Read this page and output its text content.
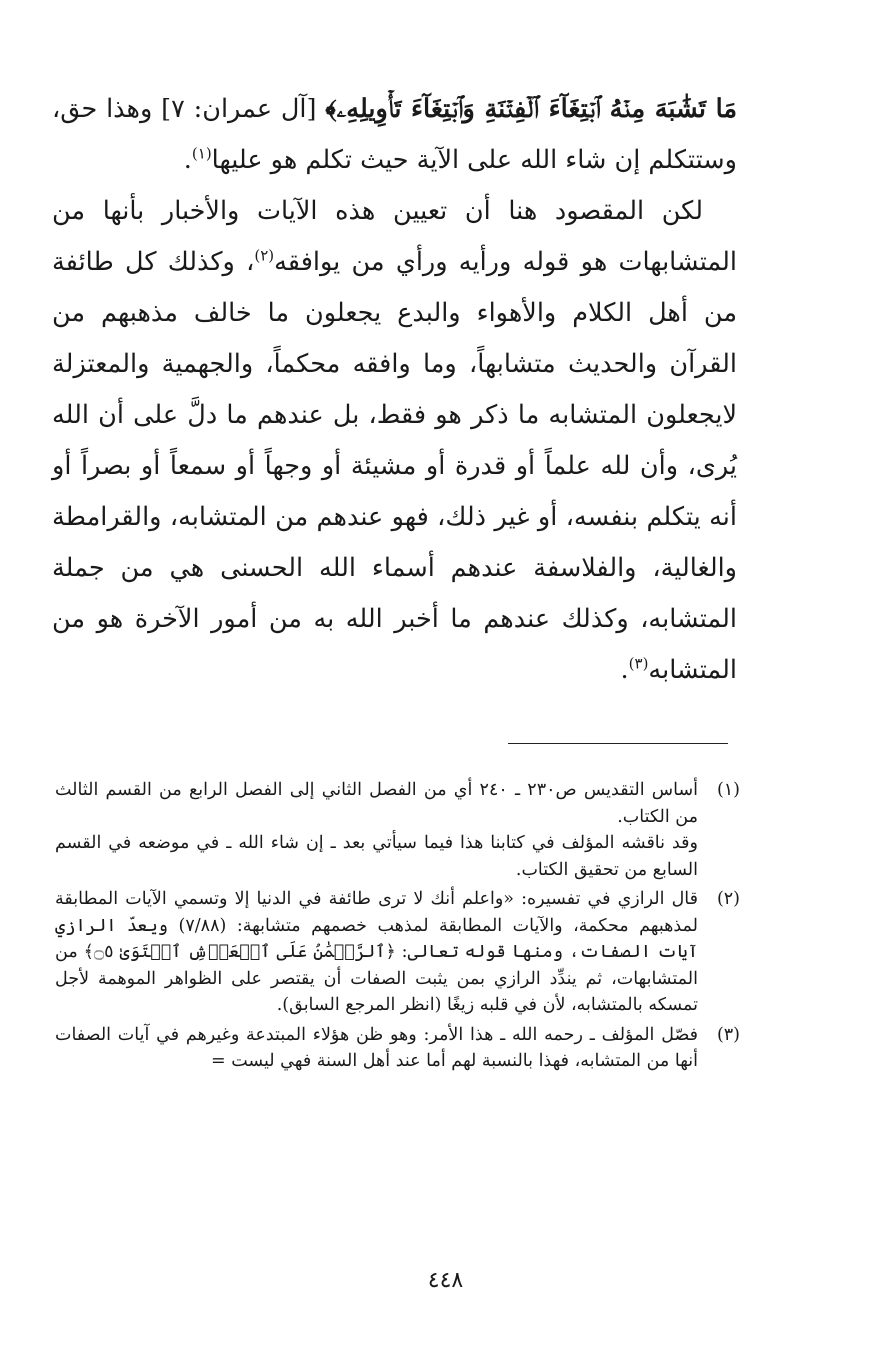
مَا تَشَٰبَهَ مِنۡهُ ٱبۡتِغَآءَ ٱلۡفِتۡنَةِ وَٱبۡتِغَآءَ تَأۡوِيلِهِۦ﴾ [آل عمران: ٧] وهذا حق، وستتكلم إن شاء الله على الآية حيث تكلم هو عليها$^{(١)}$.

لكن المقصود هنا أن تعيين هذه الآيات والأخبار بأنها من المتشابهات هو قوله ورأيه ورأي من يوافقه$^{(٢)}$، وكذلك كل طائفة من أهل الكلام والأهواء والبدع يجعلون ما خالف مذهبهم من القرآن والحديث متشابهاً، وما وافقه محكماً، والجهمية والمعتزلة لايجعلون المتشابه ما ذكر هو فقط، بل عندهم ما دلَّ على أن الله يُرى، وأن لله علماً أو قدرة أو مشيئة أو وجهاً أو سمعاً أو بصراً أو أنه يتكلم بنفسه، أو غير ذلك، فهو عندهم من المتشابه، والقرامطة والغالية، والفلاسفة عندهم أسماء الله الحسنى هي من جملة المتشابه، وكذلك عندهم ما أخبر الله به من أمور الآخرة هو من المتشابه$^{(٣)}$.

(١)

أساس التقديس ص٢٣٠ ـ ٢٤٠ أي من الفصل الثاني إلى الفصل الرابع من القسم الثالث من الكتاب.

وقد ناقشه المؤلف في كتابنا هذا فيما سيأتي بعد ـ إن شاء الله ـ في موضعه في القسم السابع من تحقيق الكتاب.

(٢)

قال الرازي في تفسيره: «واعلم أنك لا ترى طائفة في الدنيا إلا وتسمي الآيات المطابقة لمذهبهم محكمة، والآيات المطابقة لمذهب خصمهم متشابهة: (٧/٨٨) ويعدّ الرازي آيات الصفات، ومنها قوله تعالى: ﴿ٱلرَّحۡمَٰنُ عَلَى ٱلۡعَرۡشِ ٱسۡتَوَىٰ ۝٥﴾ من المتشابهات، ثم يندِّد الرازي بمن يثبت الصفات أن يقتصر على الظواهر الموهمة لأجل تمسكه بالمتشابه، لأن في قلبه زيغًا (انظر المرجع السابق).

(٣)

فصّل المؤلف ـ رحمه الله ـ هذا الأمر: وهو ظن هؤلاء المبتدعة وغيرهم في آيات الصفات أنها من المتشابه، فهذا بالنسبة لهم أما عند أهل السنة فهي ليست =

٤٤٨
